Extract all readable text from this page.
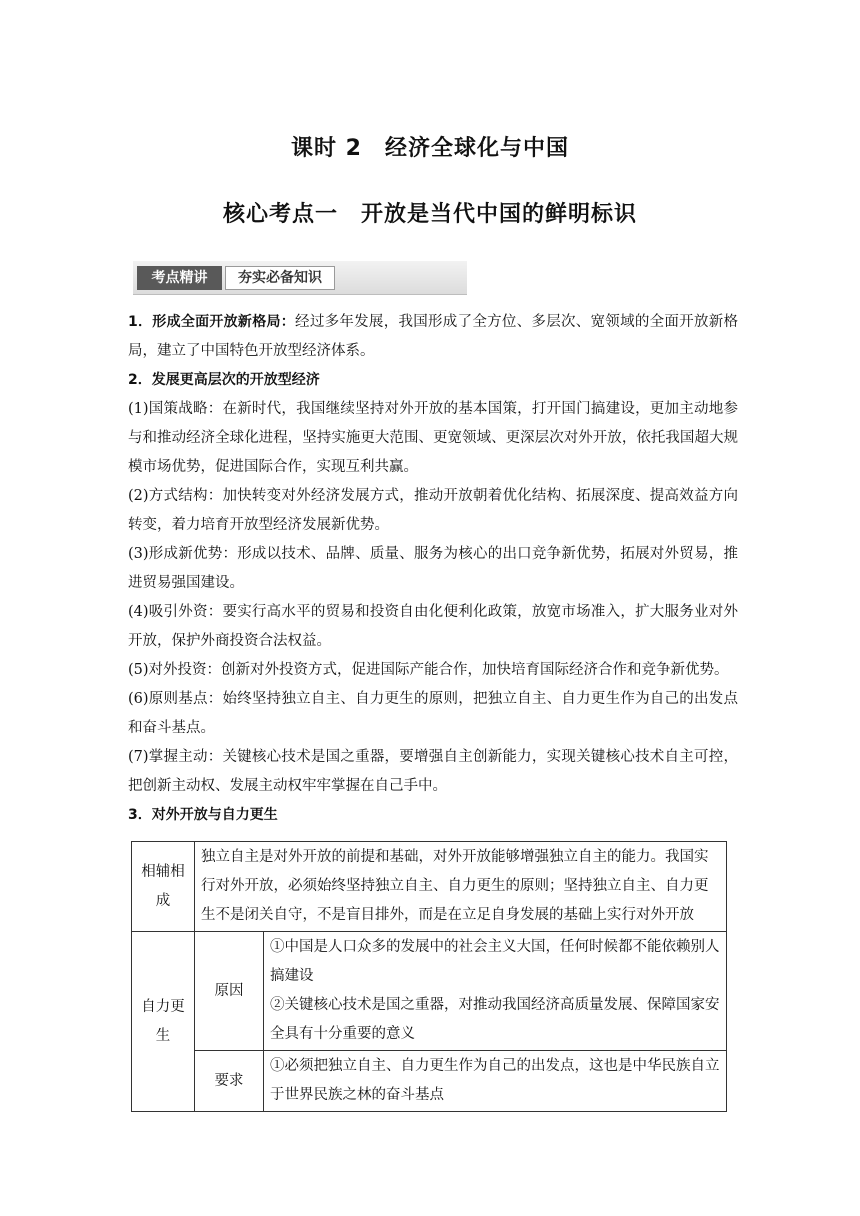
课时 2　经济全球化与中国
核心考点一　开放是当代中国的鲜明标识
考点精讲	夯实必备知识

1．形成全面开放新格局：经过多年发展，我国形成了全方位、多层次、宽领域的全面开放新格局，建立了中国特色开放型经济体系。

2．发展更高层次的开放型经济

(1)国策战略：在新时代，我国继续坚持对外开放的基本国策，打开国门搞建设，更加主动地参与和推动经济全球化进程，坚持实施更大范围、更宽领域、更深层次对外开放，依托我国超大规模市场优势，促进国际合作，实现互利共赢。

(2)方式结构：加快转变对外经济发展方式，推动开放朝着优化结构、拓展深度、提高效益方向转变，着力培育开放型经济发展新优势。

(3)形成新优势：形成以技术、品牌、质量、服务为核心的出口竞争新优势，拓展对外贸易，推进贸易强国建设。

(4)吸引外资：要实行高水平的贸易和投资自由化便利化政策，放宽市场准入，扩大服务业对外开放，保护外商投资合法权益。

(5)对外投资：创新对外投资方式，促进国际产能合作，加快培育国际经济合作和竞争新优势。

(6)原则基点：始终坚持独立自主、自力更生的原则，把独立自主、自力更生作为自己的出发点和奋斗基点。

(7)掌握主动：关键核心技术是国之重器，要增强自主创新能力，实现关键核心技术自主可控，把创新主动权、发展主动权牢牢掌握在自己手中。

3．对外开放与自力更生

相辅相成	独立自主是对外开放的前提和基础，对外开放能够增强独立自主的能力。我国实行对外开放，必须始终坚持独立自主、自力更生的原则；坚持独立自主、自力更生不是闭关自守，不是盲目排外，而是在立足自身发展的基础上实行对外开放	
自力更生	原因	①中国是人口众多的发展中的社会主义大国，任何时候都不能依赖别人搞建设
②关键核心技术是国之重器，对推动我国经济高质量发展、保障国家安全具有十分重要的意义

	要求	①必须把独立自主、自力更生作为自己的出发点，这也是中华民族自立于世界民族之林的奋斗基点
